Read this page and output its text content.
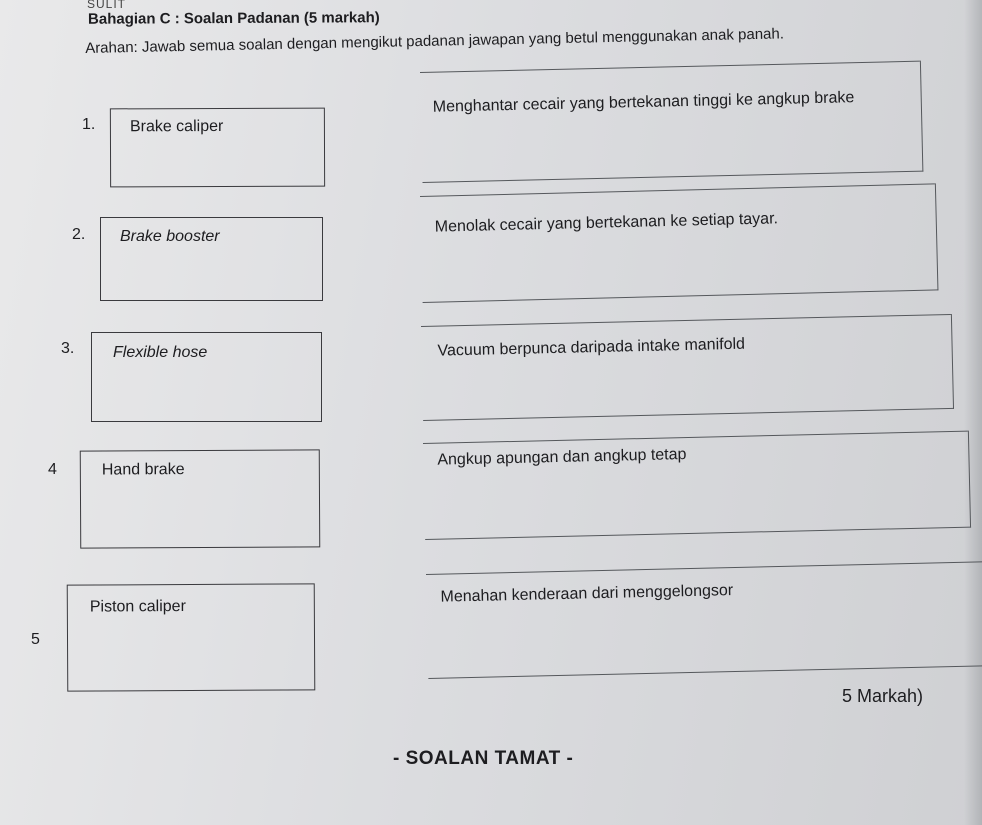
SULIT
Bahagian C : Soalan Padanan (5 markah)
Arahan: Jawab semua soalan dengan mengikut padanan jawapan yang betul menggunakan anak panah.
1. Brake caliper
Menghantar cecair yang bertekanan tinggi ke angkup brake
2. Brake booster
Menolak cecair yang bertekanan ke setiap tayar.
3. Flexible hose	Vacuum berpunca daripada intake manifold
4	Hand brake
Angkup apungan dan angkup tetap
5
Piston caliper
Menahan kenderaan dari menggelongsor
5 Markah)
- SOALAN TAMAT -
